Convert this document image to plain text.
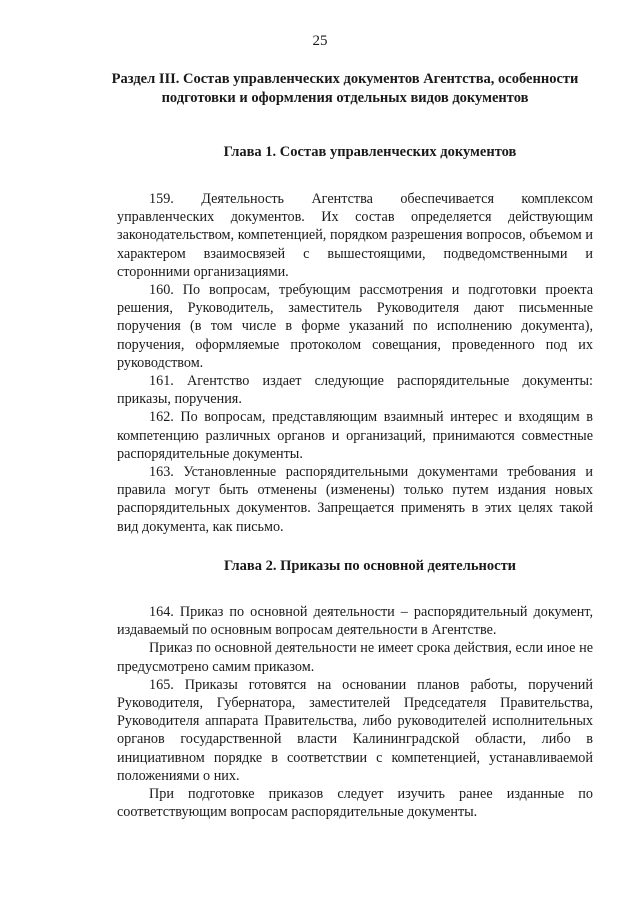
25
Раздел III. Состав управленческих документов Агентства, особенности подготовки и оформления отдельных видов документов
Глава 1. Состав управленческих документов

159. Деятельность Агентства обеспечивается комплексом управленческих документов. Их состав определяется действующим законодательством, компетенцией, порядком разрешения вопросов, объемом и характером взаимосвязей с вышестоящими, подведомственными и сторонними организациями.

160. По вопросам, требующим рассмотрения и подготовки проекта решения, Руководитель, заместитель Руководителя дают письменные поручения (в том числе в форме указаний по исполнению документа), поручения, оформляемые протоколом совещания, проведенного под их руководством.

161. Агентство издает следующие распорядительные документы: приказы, поручения.

162. По вопросам, представляющим взаимный интерес и входящим в компетенцию различных органов и организаций, принимаются совместные распорядительные документы.

163. Установленные распорядительными документами требования и правила могут быть отменены (изменены) только путем издания новых распорядительных документов. Запрещается применять в этих целях такой вид документа, как письмо.

Глава 2. Приказы по основной деятельности

164. Приказ по основной деятельности – распорядительный документ, издаваемый по основным вопросам деятельности в Агентстве.

Приказ по основной деятельности не имеет срока действия, если иное не предусмотрено самим приказом.

165. Приказы готовятся на основании планов работы, поручений Руководителя, Губернатора, заместителей Председателя Правительства, Руководителя аппарата Правительства, либо руководителей исполнительных органов государственной власти Калининградской области, либо в инициативном порядке в соответствии с компетенцией, устанавливаемой положениями о них.

При подготовке приказов следует изучить ранее изданные по соответствующим вопросам распорядительные документы.
